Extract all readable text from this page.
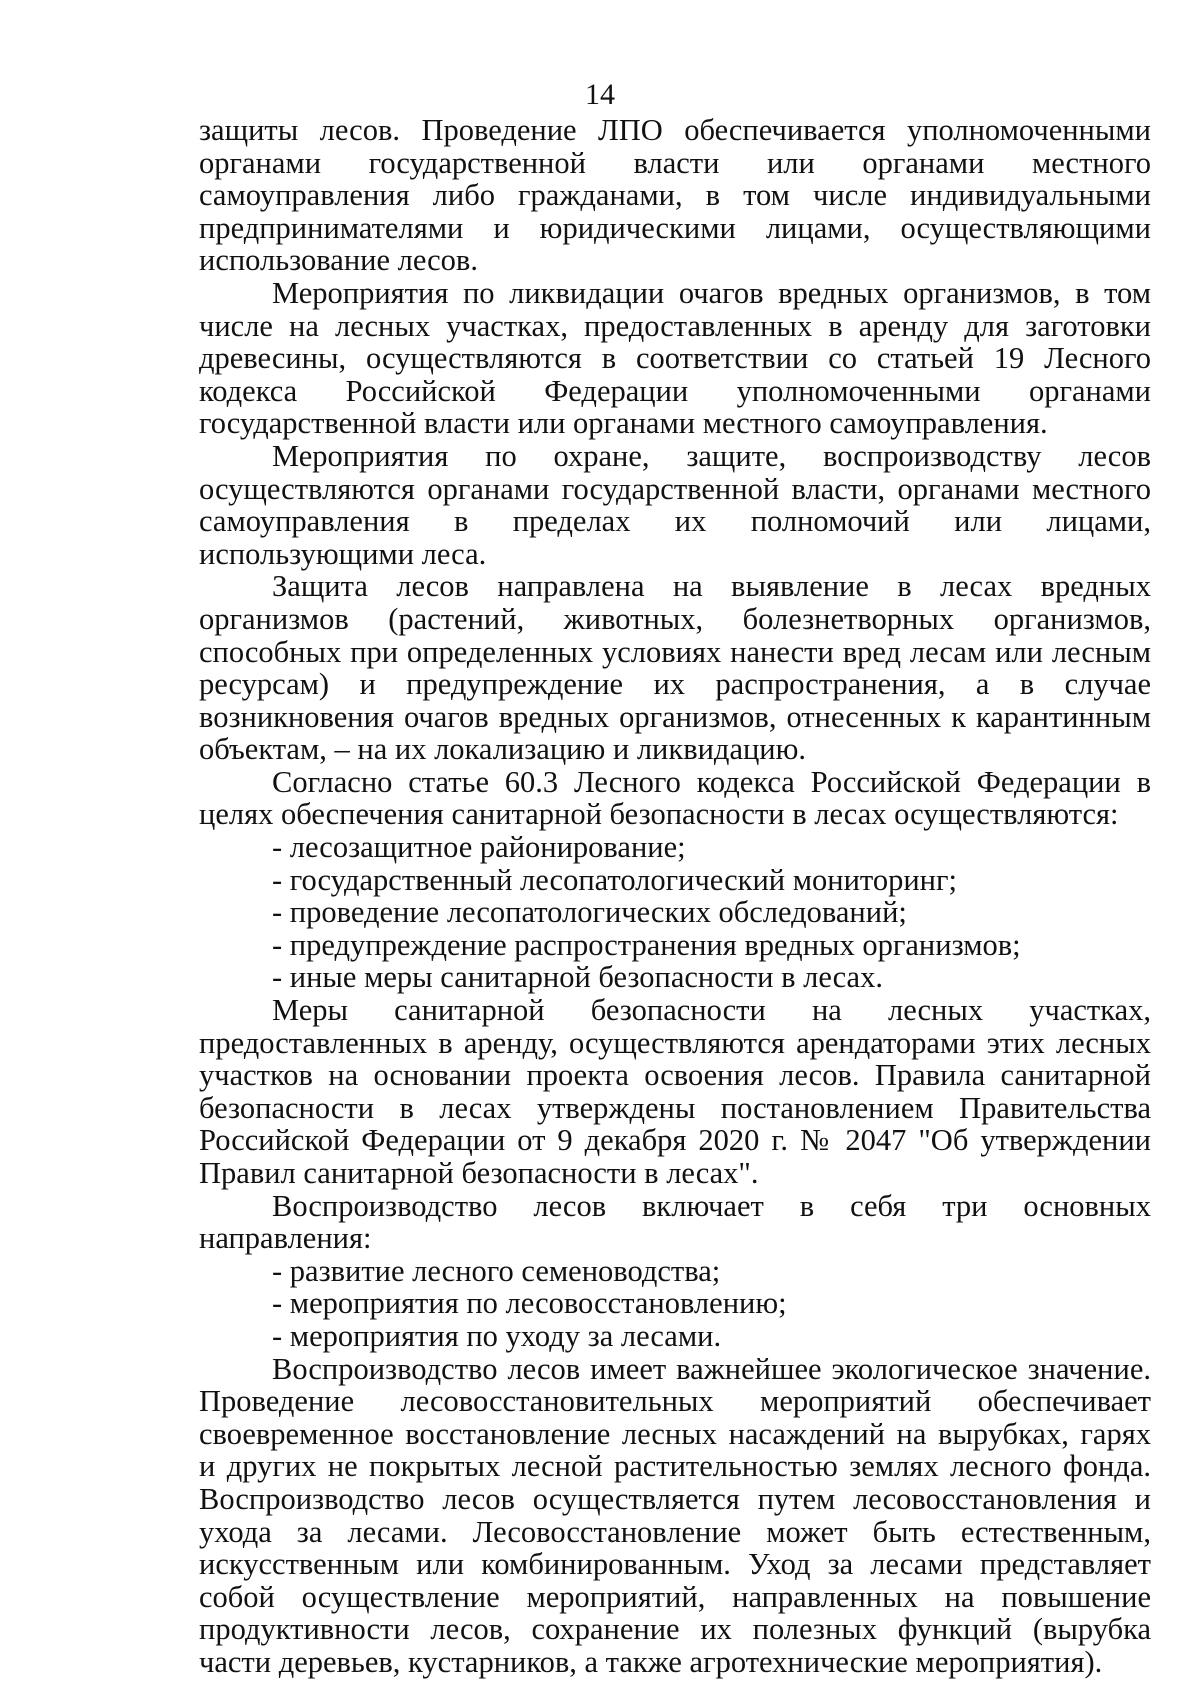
14

защиты лесов. Проведение ЛПО обеспечивается уполномоченными органами государственной власти или органами местного самоуправления либо гражданами, в том числе индивидуальными предпринимателями и юридическими лицами, осуществляющими использование лесов.

Мероприятия по ликвидации очагов вредных организмов, в том числе на лесных участках, предоставленных в аренду для заготовки древесины, осуществляются в соответствии со статьей 19 Лесного кодекса Российской Федерации уполномоченными органами государственной власти или органами местного самоуправления.

Мероприятия по охране, защите, воспроизводству лесов осуществляются органами государственной власти, органами местного самоуправления в пределах их полномочий или лицами, использующими леса.

Защита лесов направлена на выявление в лесах вредных организмов (растений, животных, болезнетворных организмов, способных при определенных условиях нанести вред лесам или лесным ресурсам) и предупреждение их распространения, а в случае возникновения очагов вредных организмов, отнесенных к карантинным объектам, – на их локализацию и ликвидацию.

Согласно статье 60.3 Лесного кодекса Российской Федерации в целях обеспечения санитарной безопасности в лесах осуществляются:

- лесозащитное районирование;

- государственный лесопатологический мониторинг;

- проведение лесопатологических обследований;

- предупреждение распространения вредных организмов;

- иные меры санитарной безопасности в лесах.

Меры санитарной безопасности на лесных участках, предоставленных в аренду, осуществляются арендаторами этих лесных участков на основании проекта освоения лесов. Правила санитарной безопасности в лесах утверждены постановлением Правительства Российской Федерации от 9 декабря 2020 г. № 2047 "Об утверждении Правил санитарной безопасности в лесах".

Воспроизводство лесов включает в себя три основных направления:

- развитие лесного семеноводства;

- мероприятия по лесовосстановлению;

- мероприятия по уходу за лесами.

Воспроизводство лесов имеет важнейшее экологическое значение. Проведение лесовосстановительных мероприятий обеспечивает своевременное восстановление лесных насаждений на вырубках, гарях и других не покрытых лесной растительностью землях лесного фонда. Воспроизводство лесов осуществляется путем лесовосстановления и ухода за лесами. Лесовосстановление может быть естественным, искусственным или комбинированным. Уход за лесами представляет собой осуществление мероприятий, направленных на повышение продуктивности лесов, сохранение их полезных функций (вырубка части деревьев, кустарников, а также агротехнические мероприятия).
